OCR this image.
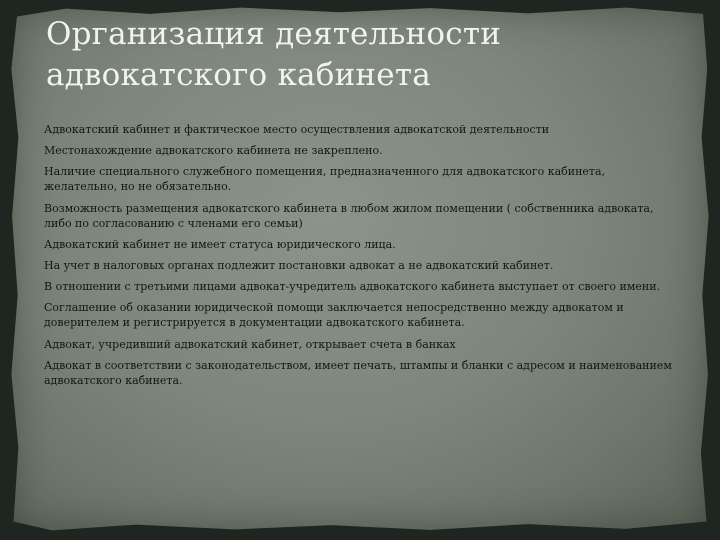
Организация деятельности
адвокатского кабинета
Адвокатский кабинет и фактическое место осуществления адвокатской деятельности
Местонахождение адвокатского кабинета не закреплено.
Наличие специального служебного помещения, предназначенного для адвокатского кабинета, желательно, но не обязательно.
Возможность размещения адвокатского кабинета в любом жилом помещении ( собственника адвоката, либо по согласованию с членами его семьи)
Адвокатский кабинет не имеет статуса юридического лица.
На учет в налоговых органах подлежит постановки адвокат а не адвокатский кабинет.
В отношении с третьими лицами адвокат-учредитель адвокатского кабинета выступает от своего имени.
Соглашение об оказании юридической помощи заключается непосредственно между адвокатом и доверителем и регистрируется в документации адвокатского кабинета.
Адвокат, учредивший адвокатский кабинет, открывает счета в банках
Адвокат в соответствии с законодательством, имеет печать, штампы и бланки с адресом и наименованием адвокатского кабинета.
